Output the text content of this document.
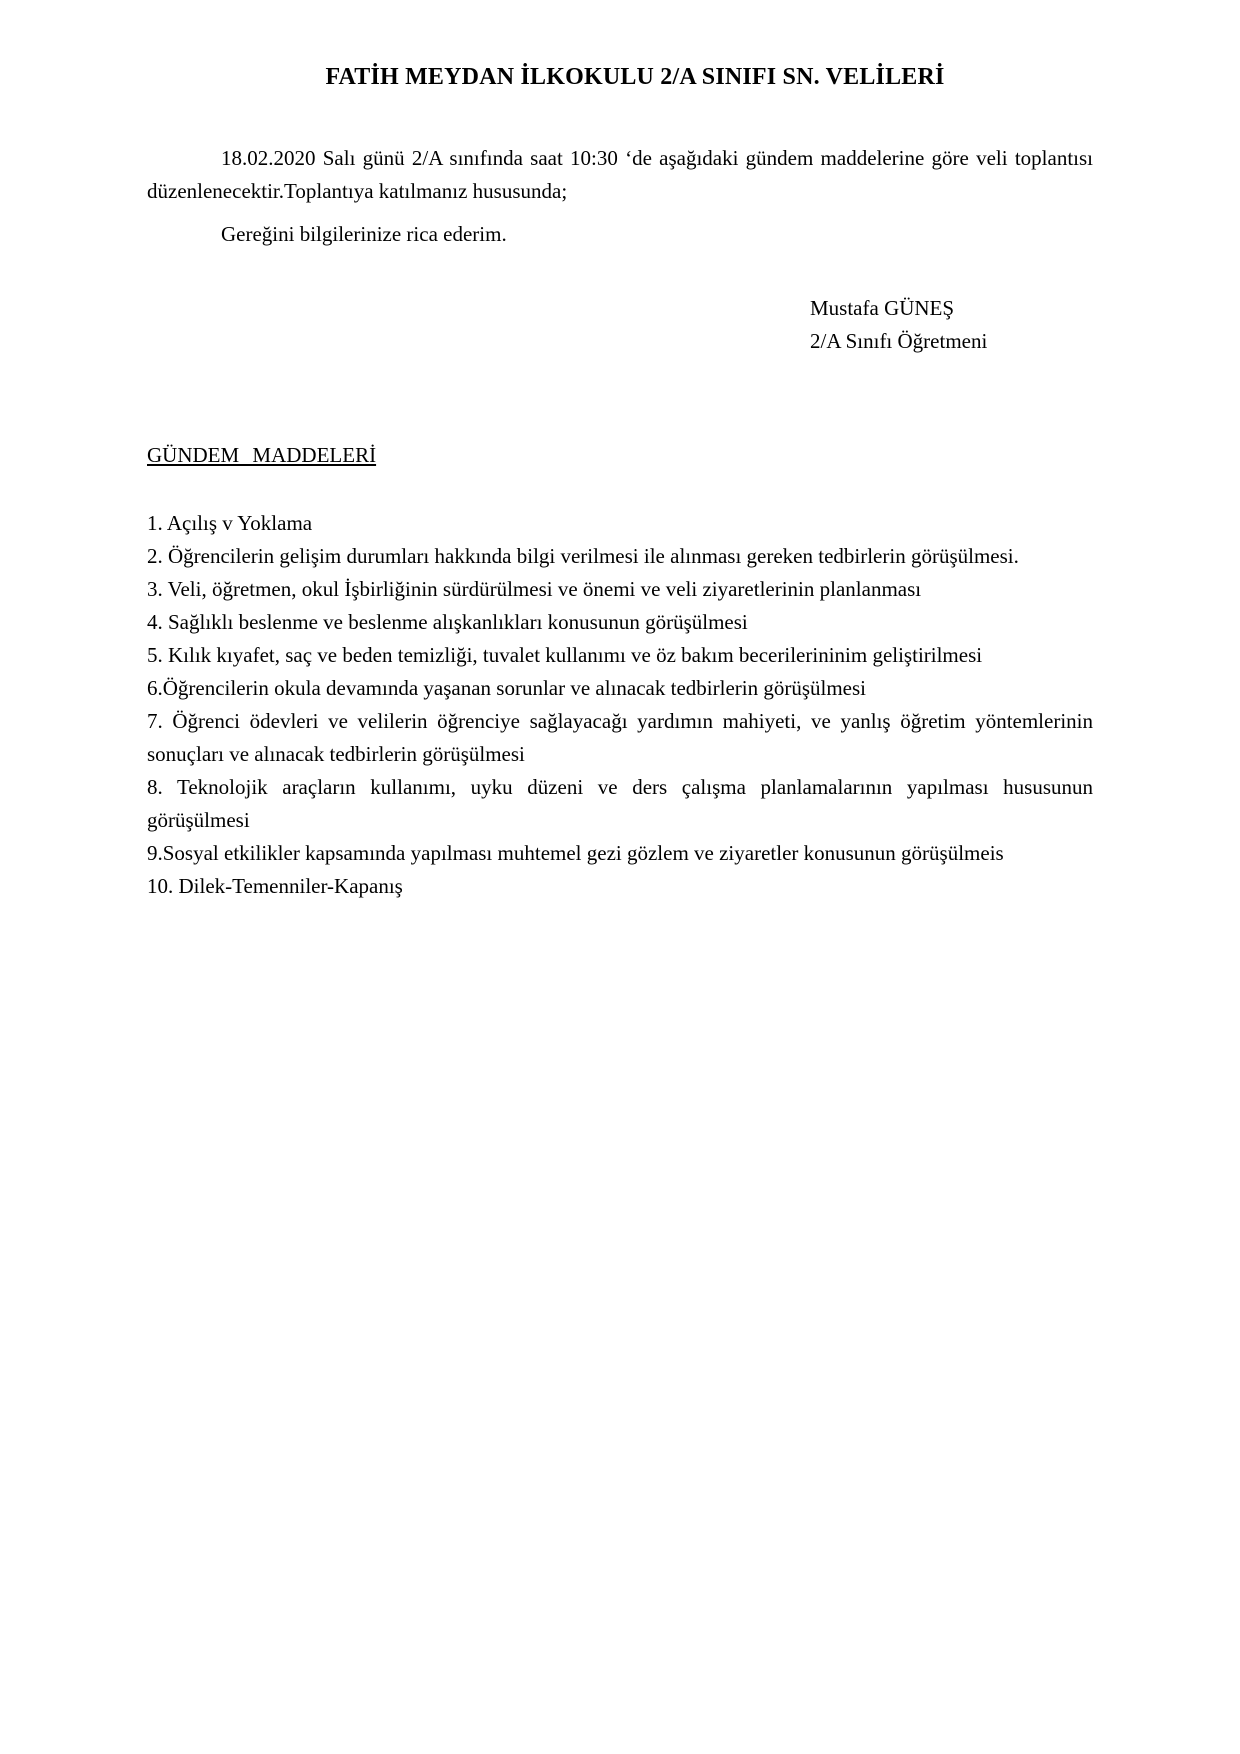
FATİH MEYDAN İLKOKULU 2/A SINIFI SN. VELİLERİ
18.02.2020 Salı günü 2/A sınıfında saat 10:30 ‘de aşağıdaki gündem maddelerine göre veli toplantısı düzenlenecektir.Toplantıya katılmanız hususunda;
Gereğini bilgilerinize rica ederim.
Mustafa GÜNEŞ
2/A Sınıfı Öğretmeni
GÜNDEM MADDELERİ
1. Açılış v Yoklama
2. Öğrencilerin gelişim durumları hakkında bilgi verilmesi ile alınması gereken tedbirlerin görüşülmesi.
3. Veli, öğretmen, okul İşbirliğinin sürdürülmesi ve önemi ve veli ziyaretlerinin planlanması
4. Sağlıklı beslenme ve beslenme alışkanlıkları konusunun görüşülmesi
5. Kılık kıyafet, saç ve beden temizliği, tuvalet kullanımı ve öz bakım becerilerininim geliştirilmesi
6.Öğrencilerin okula devamında yaşanan sorunlar ve alınacak tedbirlerin görüşülmesi
7. Öğrenci ödevleri ve velilerin öğrenciye sağlayacağı yardımın mahiyeti, ve yanlış öğretim yöntemlerinin sonuçları ve alınacak tedbirlerin görüşülmesi
8. Teknolojik araçların kullanımı, uyku düzeni ve ders çalışma planlamalarının yapılması hususunun görüşülmesi
9.Sosyal etkilikler kapsamında yapılması muhtemel gezi gözlem ve ziyaretler konusunun görüşülmeis
10. Dilek-Temenniler-Kapanış
